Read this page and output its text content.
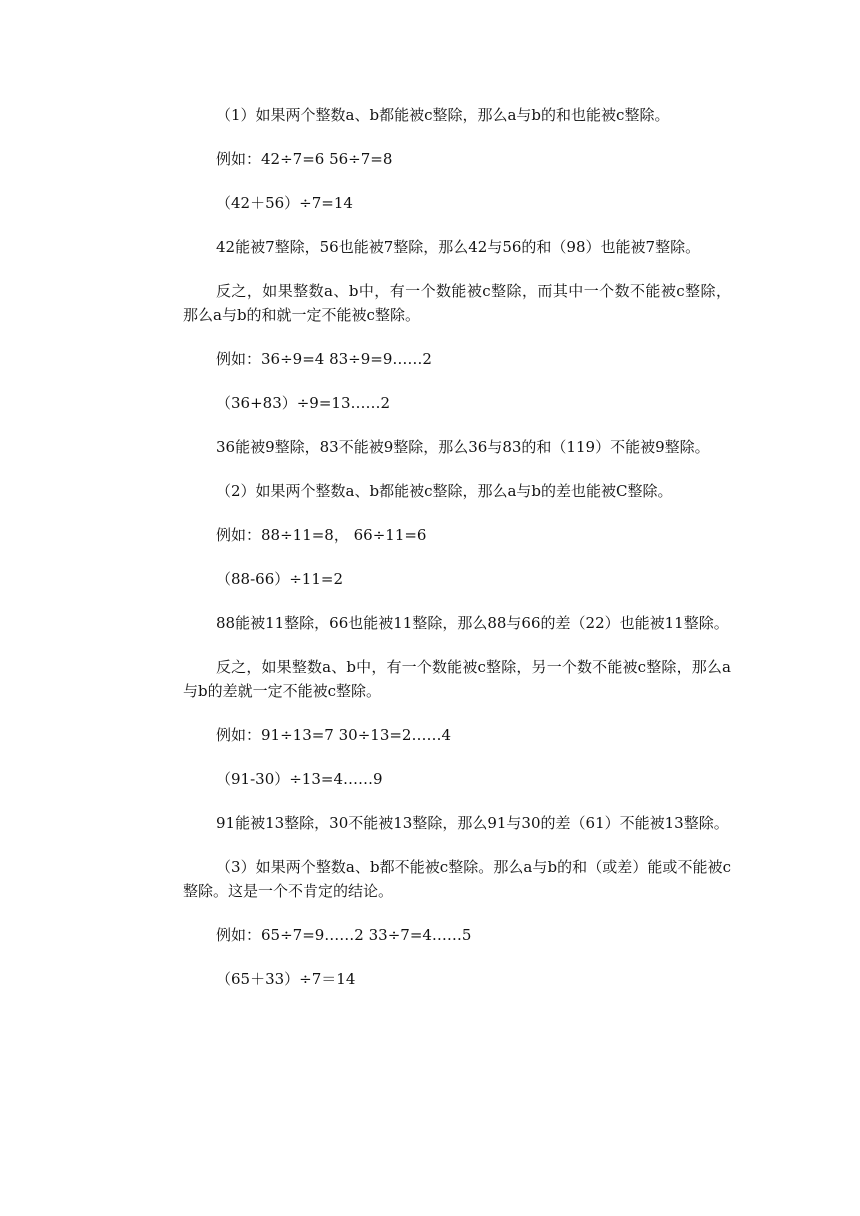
（1）如果两个整数a、b都能被c整除，那么a与b的和也能被c整除。

例如：42÷7=6 56÷7=8

（42＋56）÷7=14

42能被7整除，56也能被7整除，那么42与56的和（98）也能被7整除。

反之，如果整数a、b中，有一个数能被c整除，而其中一个数不能被c整除，那么a与b的和就一定不能被c整除。

例如：36÷9=4 83÷9=9……2

（36+83）÷9=13……2

36能被9整除，83不能被9整除，那么36与83的和（119）不能被9整除。

（2）如果两个整数a、b都能被c整除，那么a与b的差也能被C整除。

例如：88÷11=8， 66÷11=6

（88-66）÷11=2

88能被11整除，66也能被11整除，那么88与66的差（22）也能被11整除。

反之，如果整数a、b中，有一个数能被c整除，另一个数不能被c整除，那么a与b的差就一定不能被c整除。

例如：91÷13=7 30÷13=2……4

（91-30）÷13=4……9

91能被13整除，30不能被13整除，那么91与30的差（61）不能被13整除。

（3）如果两个整数a、b都不能被c整除。那么a与b的和（或差）能或不能被c整除。这是一个不肯定的结论。

例如：65÷7=9……2 33÷7=4……5

（65＋33）÷7＝14
